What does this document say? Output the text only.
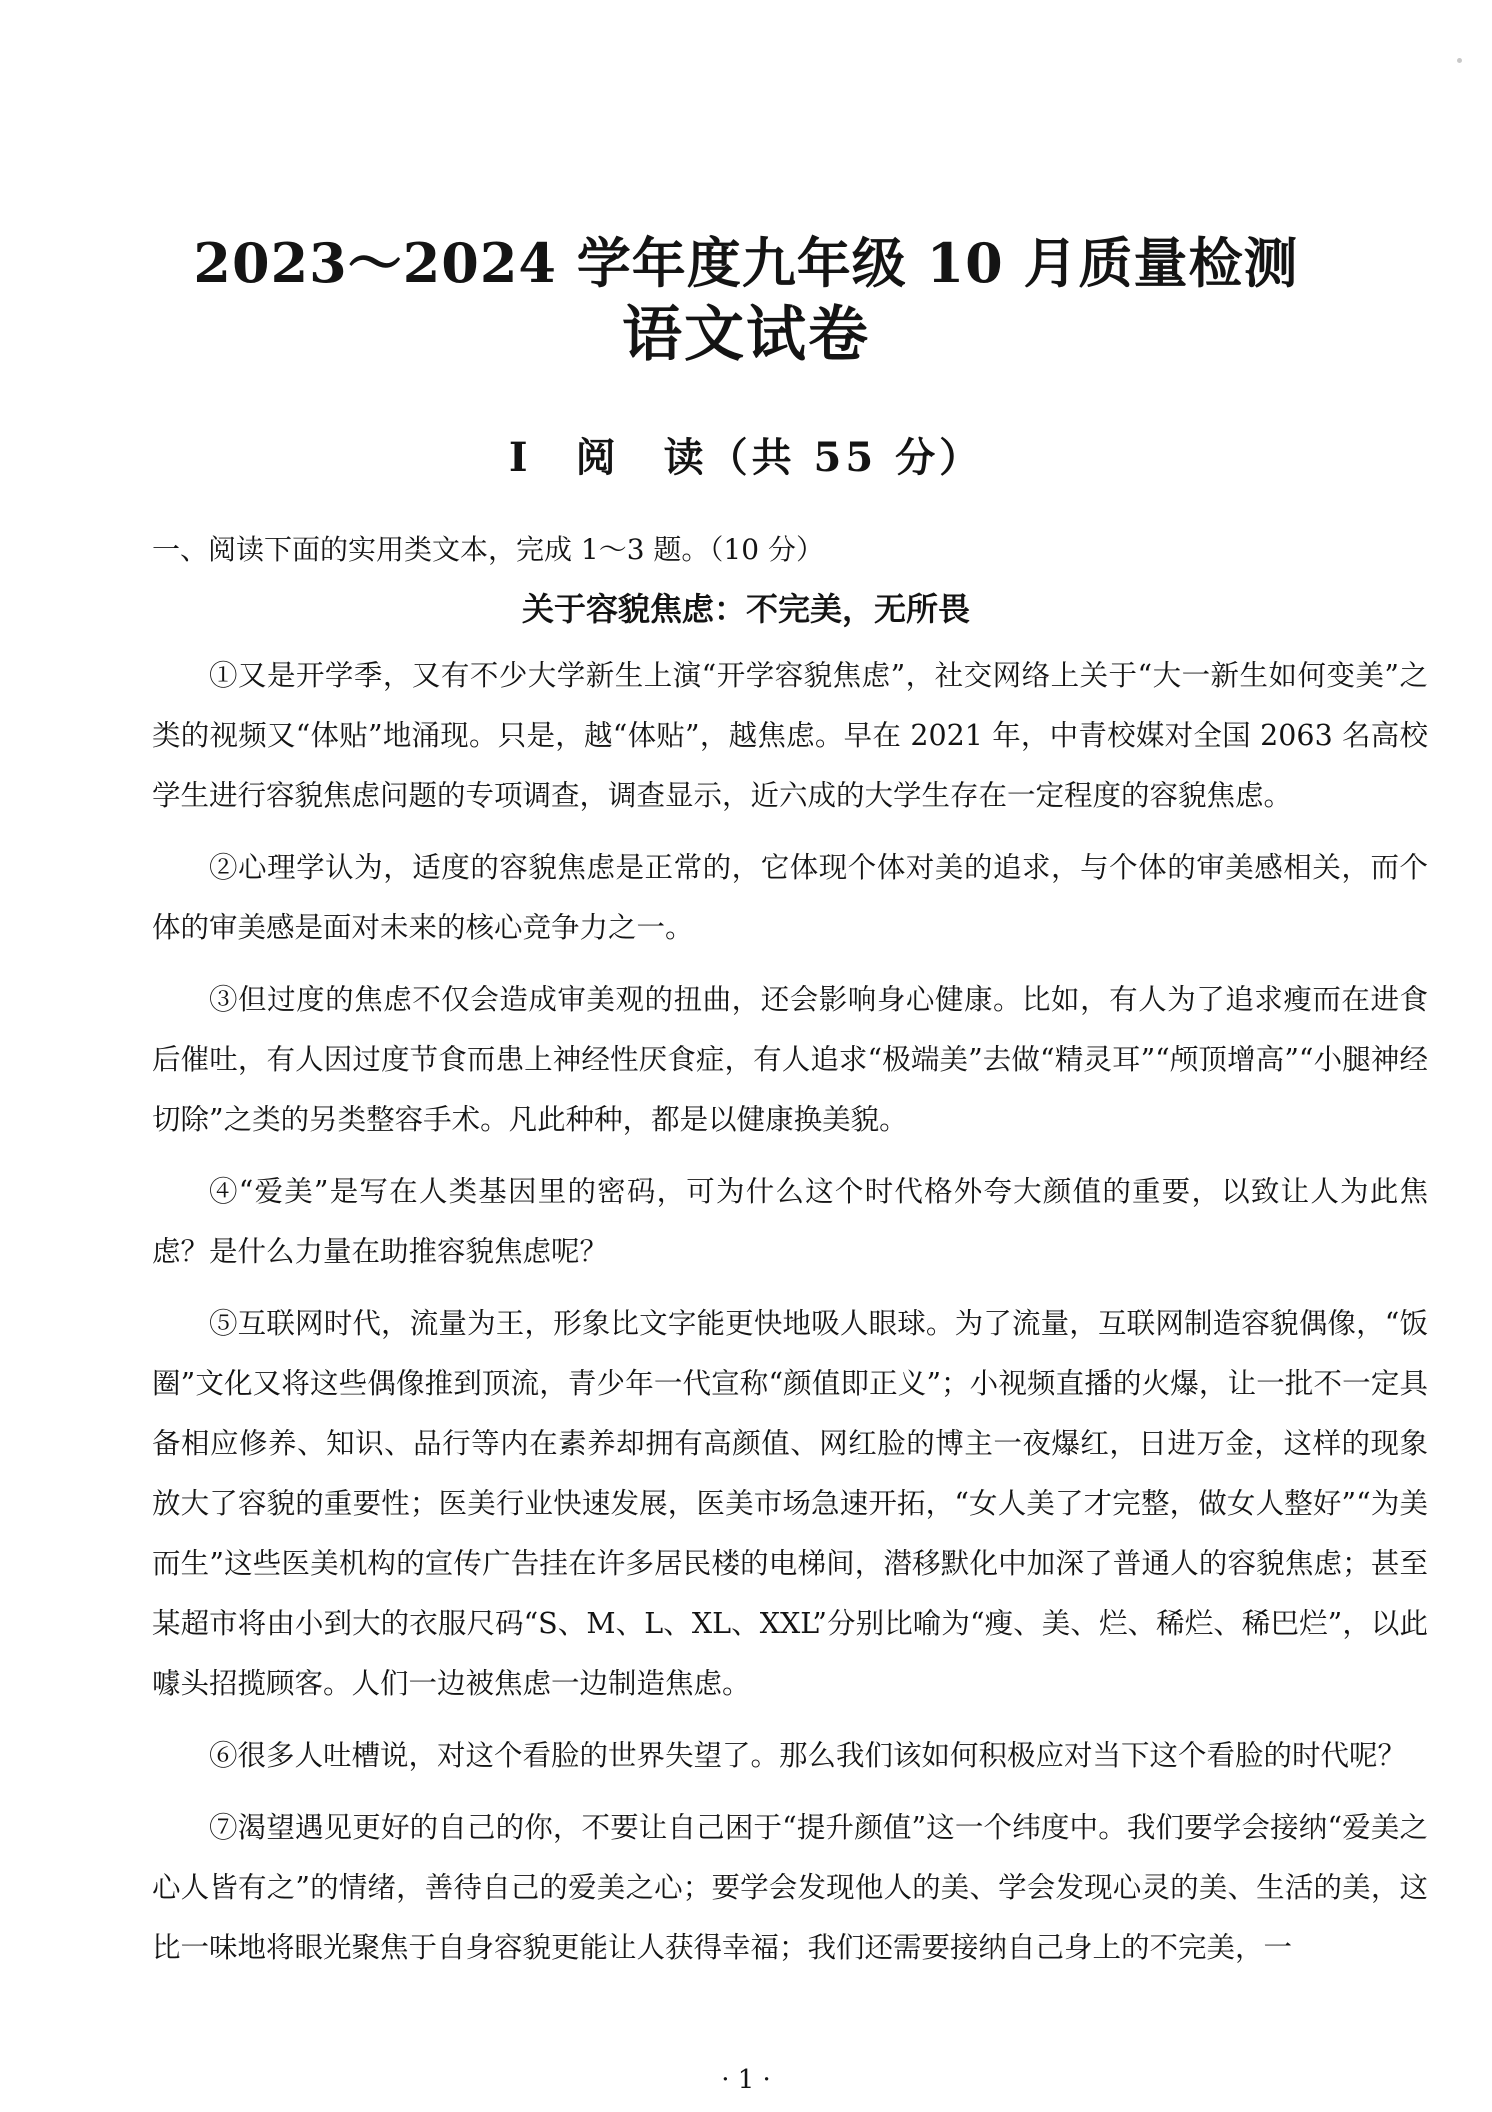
2023～2024 学年度九年级 10 月质量检测
语文试卷
Ⅰ　阅　读（共 55 分）

一、阅读下面的实用类文本，完成 1～3 题。（10 分）

关于容貌焦虑：不完美，无所畏

①又是开学季，又有不少大学新生上演“开学容貌焦虑”，社交网络上关于“大一新生如何变美”之类的视频又“体贴”地涌现。只是，越“体贴”，越焦虑。早在 2021 年，中青校媒对全国 2063 名高校学生进行容貌焦虑问题的专项调查，调查显示，近六成的大学生存在一定程度的容貌焦虑。

②心理学认为，适度的容貌焦虑是正常的，它体现个体对美的追求，与个体的审美感相关，而个体的审美感是面对未来的核心竞争力之一。

③但过度的焦虑不仅会造成审美观的扭曲，还会影响身心健康。比如，有人为了追求瘦而在进食后催吐，有人因过度节食而患上神经性厌食症，有人追求“极端美”去做“精灵耳”“颅顶增高”“小腿神经切除”之类的另类整容手术。凡此种种，都是以健康换美貌。

④“爱美”是写在人类基因里的密码，可为什么这个时代格外夸大颜值的重要，以致让人为此焦虑？是什么力量在助推容貌焦虑呢？

⑤互联网时代，流量为王，形象比文字能更快地吸人眼球。为了流量，互联网制造容貌偶像，“饭圈”文化又将这些偶像推到顶流，青少年一代宣称“颜值即正义”；小视频直播的火爆，让一批不一定具备相应修养、知识、品行等内在素养却拥有高颜值、网红脸的博主一夜爆红，日进万金，这样的现象放大了容貌的重要性；医美行业快速发展，医美市场急速开拓，“女人美了才完整，做女人整好”“为美而生”这些医美机构的宣传广告挂在许多居民楼的电梯间，潜移默化中加深了普通人的容貌焦虑；甚至某超市将由小到大的衣服尺码“S、M、L、XL、XXL”分别比喻为“瘦、美、烂、稀烂、稀巴烂”，以此噱头招揽顾客。人们一边被焦虑一边制造焦虑。

⑥很多人吐槽说，对这个看脸的世界失望了。那么我们该如何积极应对当下这个看脸的时代呢？

⑦渴望遇见更好的自己的你，不要让自己困于“提升颜值”这一个纬度中。我们要学会接纳“爱美之心人皆有之”的情绪，善待自己的爱美之心；要学会发现他人的美、学会发现心灵的美、生活的美，这比一味地将眼光聚焦于自身容貌更能让人获得幸福；我们还需要接纳自己身上的不完美，一

· 1 ·
